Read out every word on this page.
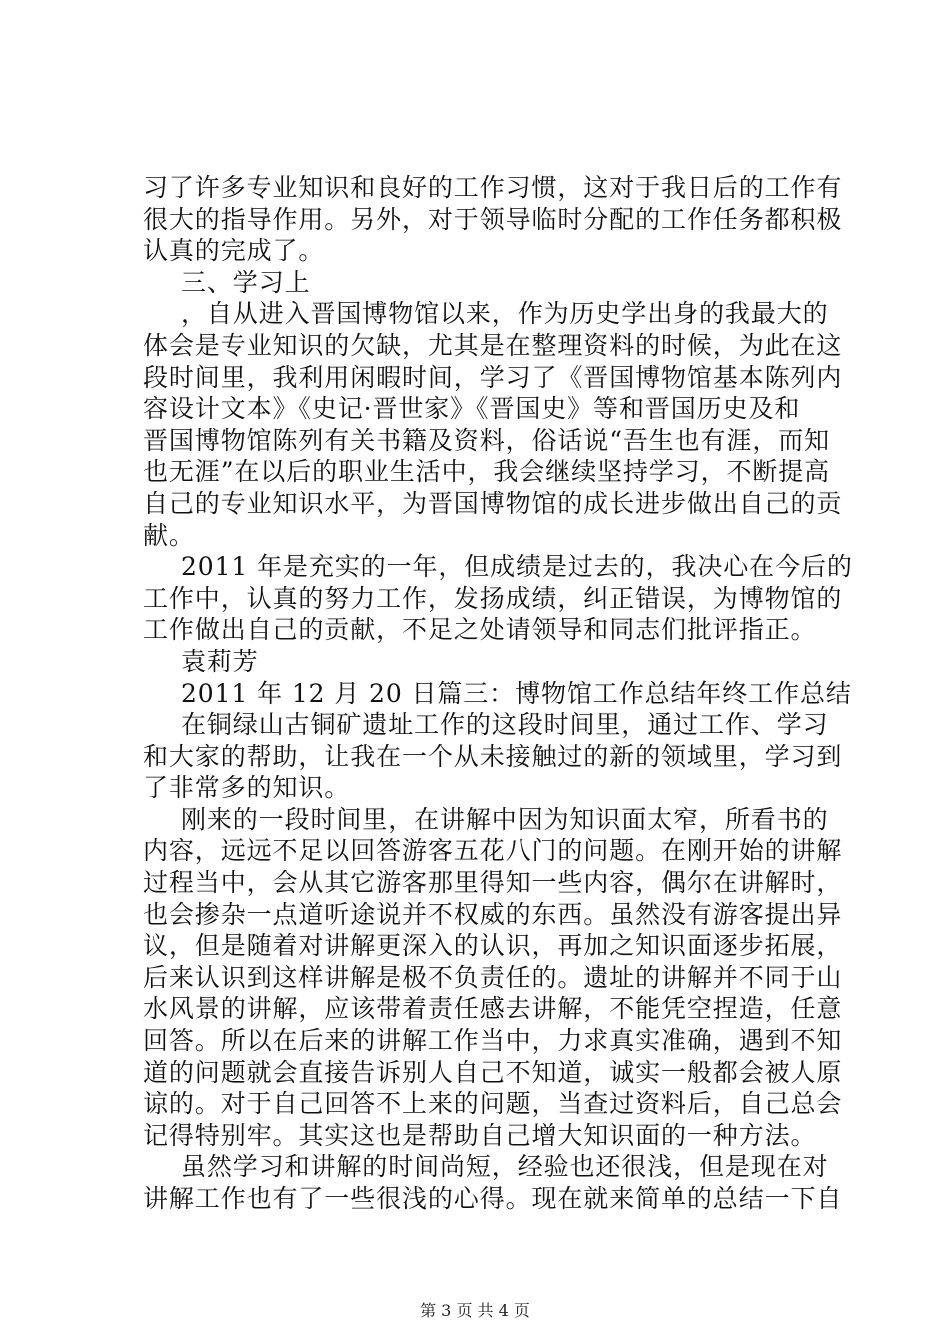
习了许多专业知识和良好的工作习惯，这对于我日后的工作有
很大的指导作用。另外，对于领导临时分配的工作任务都积极
认真的完成了。
三、学习上
，自从进入晋国博物馆以来，作为历史学出身的我最大的
体会是专业知识的欠缺，尤其是在整理资料的时候，为此在这
段时间里，我利用闲暇时间，学习了《晋国博物馆基本陈列内
容设计文本》《史记·晋世家》《晋国史》等和晋国历史及和
晋国博物馆陈列有关书籍及资料，俗话说“吾生也有涯，而知
也无涯”在以后的职业生活中，我会继续坚持学习，不断提高
自己的专业知识水平，为晋国博物馆的成长进步做出自己的贡
献。
2011 年是充实的一年，但成绩是过去的，我决心在今后的
工作中，认真的努力工作，发扬成绩，纠正错误，为博物馆的
工作做出自己的贡献，不足之处请领导和同志们批评指正。
袁莉芳
2011 年 12 月 20 日篇三：博物馆工作总结年终工作总结
在铜绿山古铜矿遗址工作的这段时间里，通过工作、学习
和大家的帮助，让我在一个从未接触过的新的领域里，学习到
了非常多的知识。
刚来的一段时间里，在讲解中因为知识面太窄，所看书的
内容，远远不足以回答游客五花八门的问题。在刚开始的讲解
过程当中，会从其它游客那里得知一些内容，偶尔在讲解时，
也会掺杂一点道听途说并不权威的东西。虽然没有游客提出异
议，但是随着对讲解更深入的认识，再加之知识面逐步拓展，
后来认识到这样讲解是极不负责任的。遗址的讲解并不同于山
水风景的讲解，应该带着责任感去讲解，不能凭空捏造，任意
回答。所以在后来的讲解工作当中，力求真实准确，遇到不知
道的问题就会直接告诉别人自己不知道，诚实一般都会被人原
谅的。对于自己回答不上来的问题，当查过资料后，自己总会
记得特别牢。其实这也是帮助自己增大知识面的一种方法。
虽然学习和讲解的时间尚短，经验也还很浅，但是现在对
讲解工作也有了一些很浅的心得。现在就来简单的总结一下自
第 3 页 共 4 页
